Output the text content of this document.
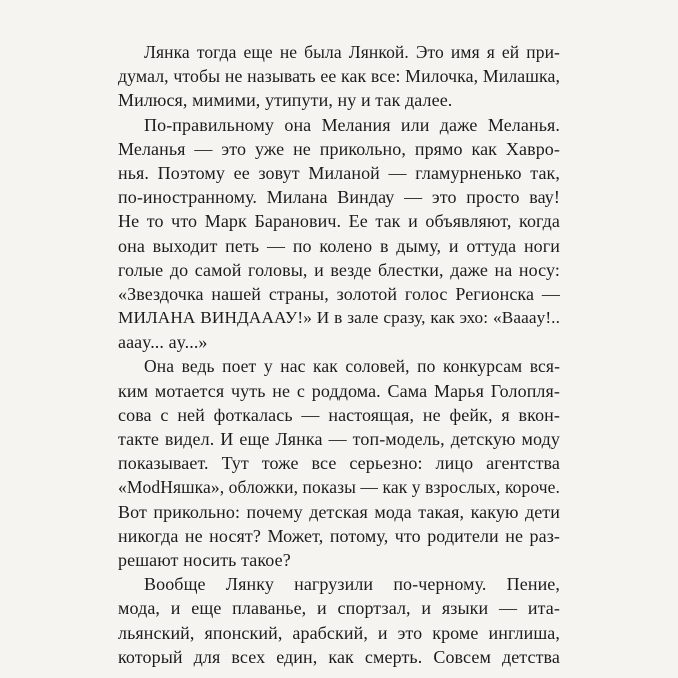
Лянка тогда еще не была Лянкой. Это имя я ей при-
думал, чтобы не называть ее как все: Милочка, Милашка,
Милюся, мимими, утипути, ну и так далее.
По-правильному она Мелания или даже Меланья.
Меланья — это уже не прикольно, прямо как Хавро-
нья. Поэтому ее зовут Миланой — гламурненько так,
по-иностранному. Милана Виндау — это просто вау!
Не то что Марк Баранович. Ее так и объявляют, когда
она выходит петь — по колено в дыму, и оттуда ноги
голые до самой головы, и везде блестки, даже на носу:
«Звездочка нашей страны, золотой голос Регионска —
МИЛАНА ВИНДАААУ!» И в зале сразу, как эхо: «Ваааy!..
аааy... аy...»
Она ведь поет у нас как соловей, по конкурсам вся-
ким мотается чуть не с роддома. Сама Марья Голопля-
сова с ней фоткалась — настоящая, не фейк, я вкон-
такте видел. И еще Лянка — топ-модель, детскую моду
показывает. Тут тоже все серьезно: лицо агентства
«ModНяшка», обложки, показы — как у взрослых, короче.
Вот прикольно: почему детская мода такая, какую дети
никогда не носят? Может, потому, что родители не раз-
решают носить такое?
Вообще Лянку нагрузили по-черному. Пение,
мода, и еще плаванье, и спортзал, и языки — ита-
льянский, японский, арабский, и это кроме инглиша,
который для всех един, как смерть. Совсем детства
